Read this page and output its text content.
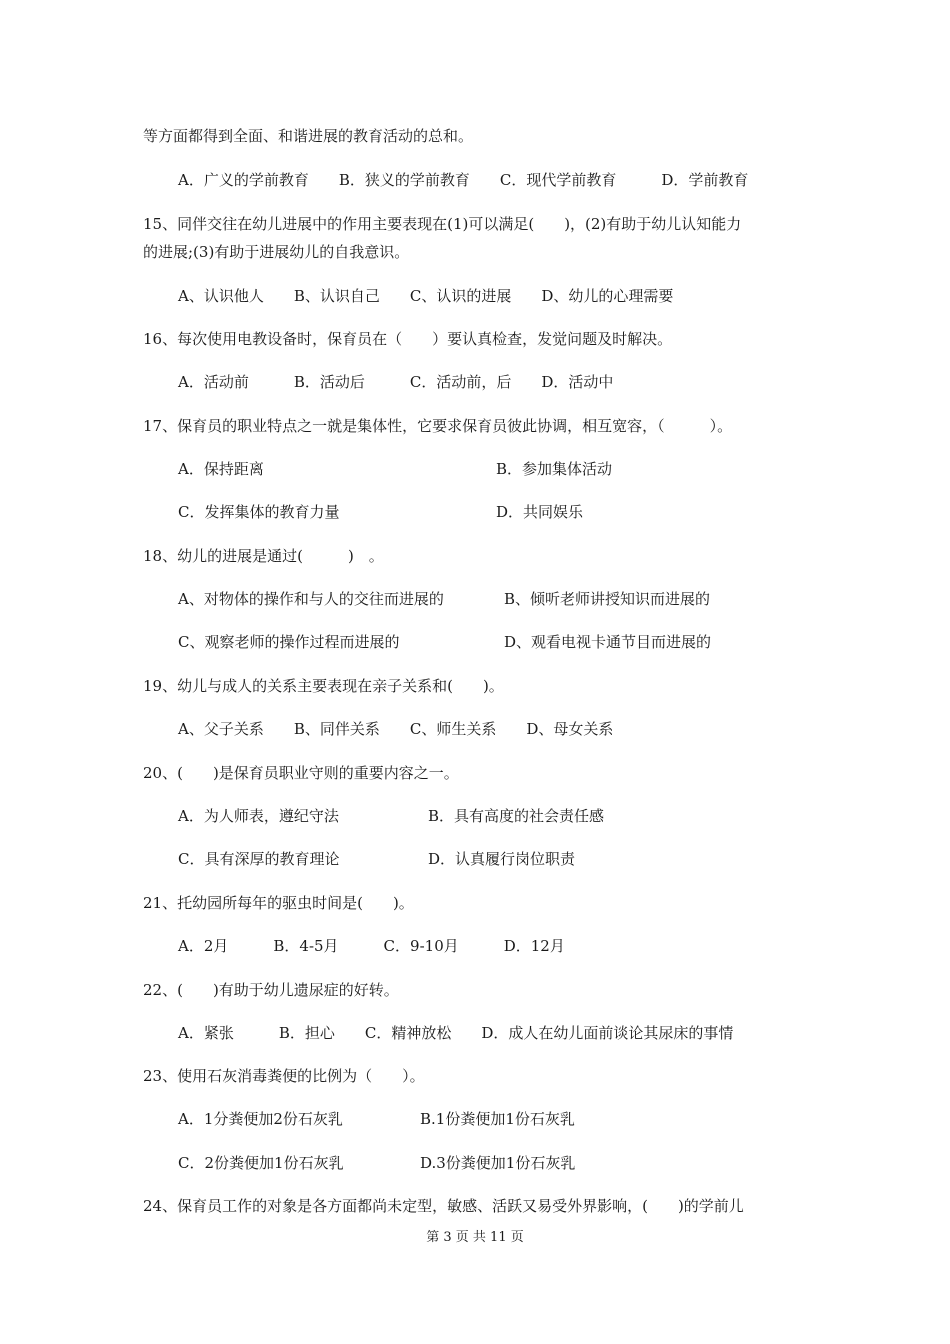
等方面都得到全面、和谐进展的教育活动的总和。
A．广义的学前教育　　B．狭义的学前教育　　C．现代学前教育　　　D．学前教育
15、同伴交往在幼儿进展中的作用主要表现在(1)可以满足(　　)，(2)有助于幼儿认知能力
的进展;(3)有助于进展幼儿的自我意识。
A、认识他人　　B、认识自己　　C、认识的进展　　D、幼儿的心理需要
16、每次使用电教设备时，保育员在（　　）要认真检查，发觉问题及时解决。
A．活动前　　　B．活动后　　　C．活动前，后　　D．活动中
17、保育员的职业特点之一就是集体性，它要求保育员彼此协调，相互宽容，（　　　）。
A．保持距离	B．参加集体活动
C．发挥集体的教育力量	D．共同娱乐
18、幼儿的进展是通过(　　　)　。
A、对物体的操作和与人的交往而进展的	B、倾听老师讲授知识而进展的
C、观察老师的操作过程而进展的	D、观看电视卡通节目而进展的
19、幼儿与成人的关系主要表现在亲子关系和(　　)。
A、父子关系　　B、同伴关系　　C、师生关系　　D、母女关系
20、(　　)是保育员职业守则的重要内容之一。
A．为人师表，遵纪守法	B．具有高度的社会责任感
C．具有深厚的教育理论	D．认真履行岗位职责
21、托幼园所每年的驱虫时间是(　　)。
A．2月　　　B．4-5月　　　C．9-10月　　　D．12月
22、(　　)有助于幼儿遗尿症的好转。
A．紧张　　　B．担心　　C．精神放松　　D．成人在幼儿面前谈论其尿床的事情
23、使用石灰消毒粪便的比例为（　　）。
A．1分粪便加2份石灰乳	B.1份粪便加1份石灰乳
C．2份粪便加1份石灰乳	D.3份粪便加1份石灰乳
24、保育员工作的对象是各方面都尚未定型，敏感、活跃又易受外界影响，(　　)的学前儿
第 3 页 共 11 页
